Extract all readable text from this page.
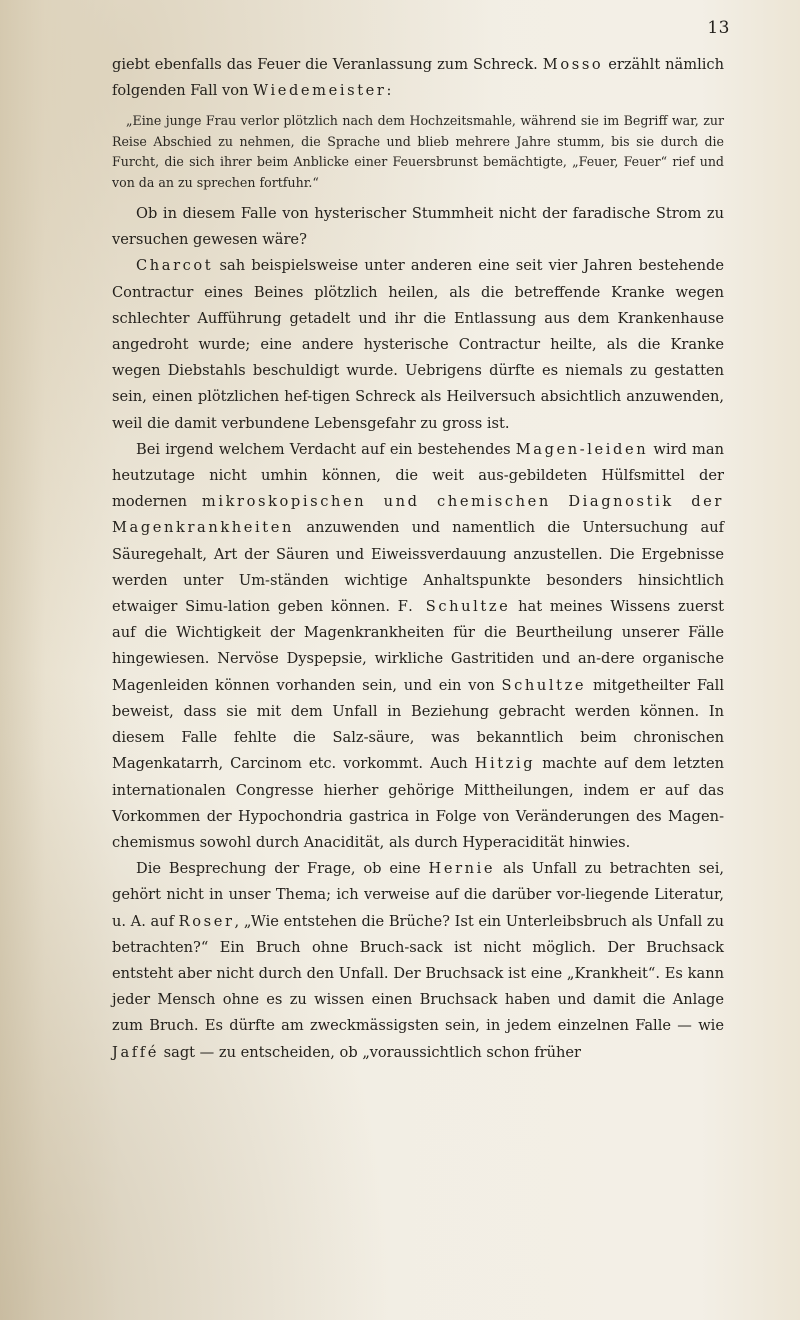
13

giebt ebenfalls das Feuer die Veranlassung zum Schreck. Mosso erzählt nämlich folgenden Fall von Wiedemeister:

„Eine junge Frau verlor plötzlich nach dem Hochzeitsmahle, während sie im Begriff war, zur Reise Abschied zu nehmen, die Sprache und blieb mehrere Jahre stumm, bis sie durch die Furcht, die sich ihrer beim Anblicke einer Feuersbrunst bemächtigte, „Feuer, Feuer“ rief und von da an zu sprechen fortfuhr.“

Ob in diesem Falle von hysterischer Stummheit nicht der faradische Strom zu versuchen gewesen wäre?

Charcot sah beispielsweise unter anderen eine seit vier Jahren bestehende Contractur eines Beines plötzlich heilen, als die betreffende Kranke wegen schlechter Aufführung getadelt und ihr die Entlassung aus dem Krankenhause angedroht wurde; eine andere hysterische Contractur heilte, als die Kranke wegen Diebstahls beschuldigt wurde. Uebrigens dürfte es niemals zu gestatten sein, einen plötzlichen hef-tigen Schreck als Heilversuch absichtlich anzuwenden, weil die damit verbundene Lebensgefahr zu gross ist.

Bei irgend welchem Verdacht auf ein bestehendes Magen-leiden wird man heutzutage nicht umhin können, die weit aus-gebildeten Hülfsmittel der modernen mikroskopischen und chemischen Diagnostik der Magenkrankheiten anzuwenden und namentlich die Untersuchung auf Säuregehalt, Art der Säuren und Eiweissverdauung anzustellen. Die Ergebnisse werden unter Um-ständen wichtige Anhaltspunkte besonders hinsichtlich etwaiger Simu-lation geben können. F. Schultze hat meines Wissens zuerst auf die Wichtigkeit der Magenkrankheiten für die Beurtheilung unserer Fälle hingewiesen. Nervöse Dyspepsie, wirkliche Gastritiden und an-dere organische Magenleiden können vorhanden sein, und ein von Schultze mitgetheilter Fall beweist, dass sie mit dem Unfall in Beziehung gebracht werden können. In diesem Falle fehlte die Salz-säure, was bekanntlich beim chronischen Magenkatarrh, Carcinom etc. vorkommt. Auch Hitzig machte auf dem letzten internationalen Congresse hierher gehörige Mittheilungen, indem er auf das Vorkommen der Hypochondria gastrica in Folge von Veränderungen des Magen-chemismus sowohl durch Anacidität, als durch Hyperacidität hinwies.

Die Besprechung der Frage, ob eine Hernie als Unfall zu betrachten sei, gehört nicht in unser Thema; ich verweise auf die darüber vor-liegende Literatur, u. A. auf Roser, „Wie entstehen die Brüche? Ist ein Unterleibsbruch als Unfall zu betrachten?“ Ein Bruch ohne Bruch-sack ist nicht möglich. Der Bruchsack entsteht aber nicht durch den Unfall. Der Bruchsack ist eine „Krankheit“. Es kann jeder Mensch ohne es zu wissen einen Bruchsack haben und damit die Anlage zum Bruch. Es dürfte am zweckmässigsten sein, in jedem einzelnen Falle — wie Jaffé sagt — zu entscheiden, ob „voraussichtlich schon früher
